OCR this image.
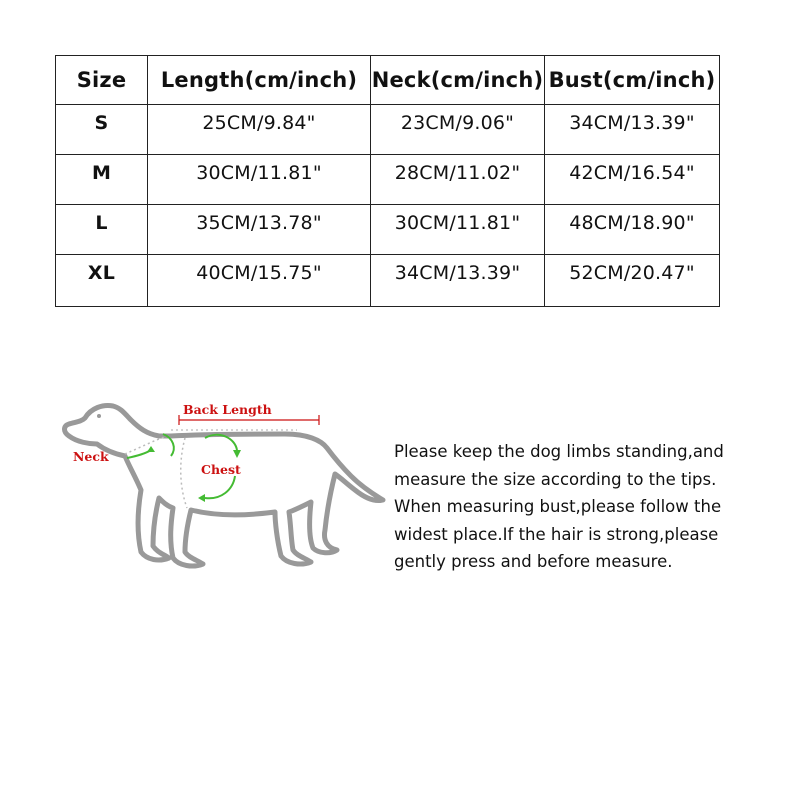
Size	Length(cm/inch)	Neck(cm/inch)	Bust(cm/inch)
S	25CM/9.84"	23CM/9.06"	34CM/13.39"
M	30CM/11.81"	28CM/11.02"	42CM/16.54"
L	35CM/13.78"	30CM/11.81"	48CM/18.90"
XL	40CM/15.75"	34CM/13.39"	52CM/20.47"
Back Length
Neck
Chest
Please keep the dog limbs standing,and
measure the size according to the tips.
When measuring bust,please follow the
widest place.If the hair is strong,please
gently press and before measure.
